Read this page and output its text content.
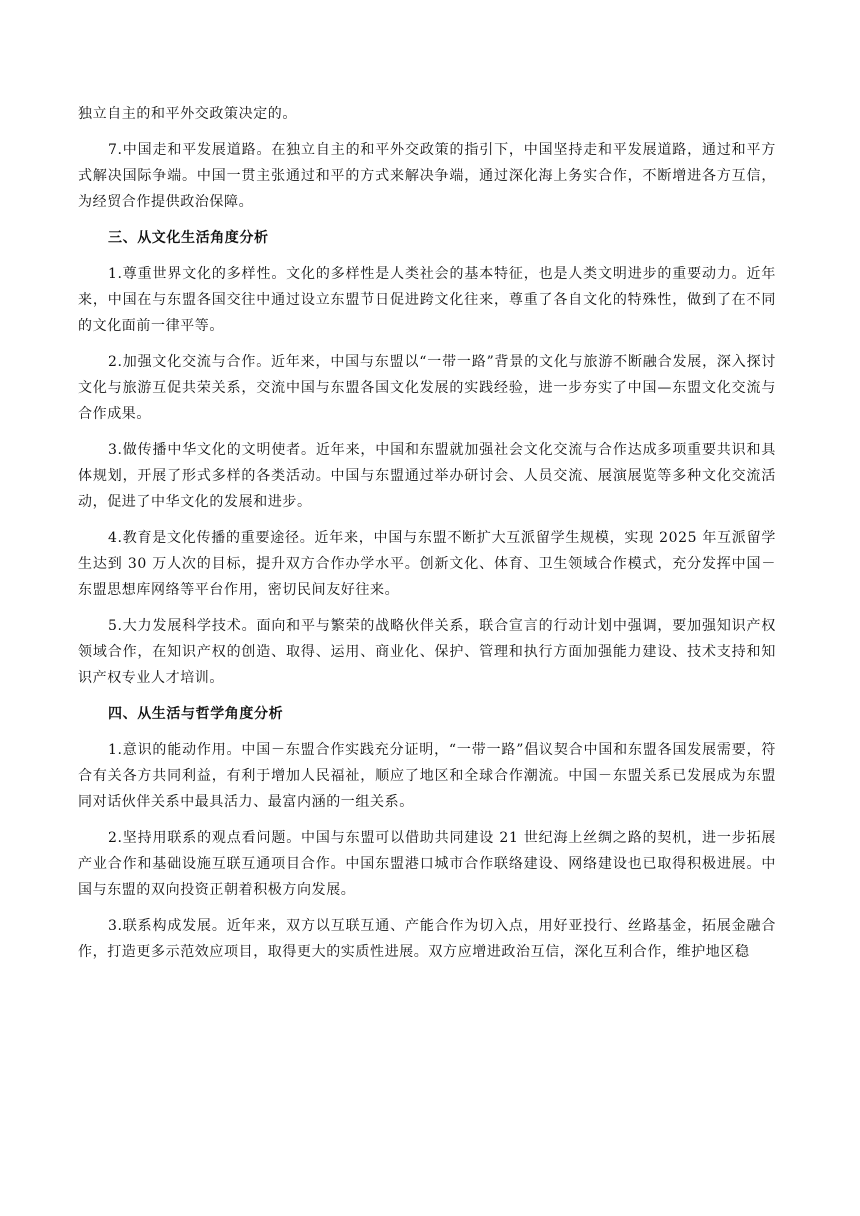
独立自主的和平外交政策决定的。

7.中国走和平发展道路。在独立自主的和平外交政策的指引下，中国坚持走和平发展道路，通过和平方式解决国际争端。中国一贯主张通过和平的方式来解决争端，通过深化海上务实合作，不断增进各方互信，为经贸合作提供政治保障。

三、从文化生活角度分析

1.尊重世界文化的多样性。文化的多样性是人类社会的基本特征，也是人类文明进步的重要动力。近年来，中国在与东盟各国交往中通过设立东盟节日促进跨文化往来，尊重了各自文化的特殊性，做到了在不同的文化面前一律平等。

2.加强文化交流与合作。近年来，中国与东盟以“一带一路”背景的文化与旅游不断融合发展，深入探讨文化与旅游互促共荣关系，交流中国与东盟各国文化发展的实践经验，进一步夯实了中国—东盟文化交流与合作成果。

3.做传播中华文化的文明使者。近年来，中国和东盟就加强社会文化交流与合作达成多项重要共识和具体规划，开展了形式多样的各类活动。中国与东盟通过举办研讨会、人员交流、展演展览等多种文化交流活动，促进了中华文化的发展和进步。

4.教育是文化传播的重要途径。近年来，中国与东盟不断扩大互派留学生规模，实现 2025 年互派留学生达到 30 万人次的目标，提升双方合作办学水平。创新文化、体育、卫生领域合作模式，充分发挥中国－东盟思想库网络等平台作用，密切民间友好往来。

5.大力发展科学技术。面向和平与繁荣的战略伙伴关系，联合宣言的行动计划中强调，要加强知识产权领域合作，在知识产权的创造、取得、运用、商业化、保护、管理和执行方面加强能力建设、技术支持和知识产权专业人才培训。

四、从生活与哲学角度分析

1.意识的能动作用。中国－东盟合作实践充分证明，“一带一路”倡议契合中国和东盟各国发展需要，符合有关各方共同利益，有利于增加人民福祉，顺应了地区和全球合作潮流。中国－东盟关系已发展成为东盟同对话伙伴关系中最具活力、最富内涵的一组关系。

2.坚持用联系的观点看问题。中国与东盟可以借助共同建设 21 世纪海上丝绸之路的契机，进一步拓展产业合作和基础设施互联互通项目合作。中国东盟港口城市合作联络建设、网络建设也已取得积极进展。中国与东盟的双向投资正朝着积极方向发展。

3.联系构成发展。近年来，双方以互联互通、产能合作为切入点，用好亚投行、丝路基金，拓展金融合作，打造更多示范效应项目，取得更大的实质性进展。双方应增进政治互信，深化互利合作，维护地区稳
